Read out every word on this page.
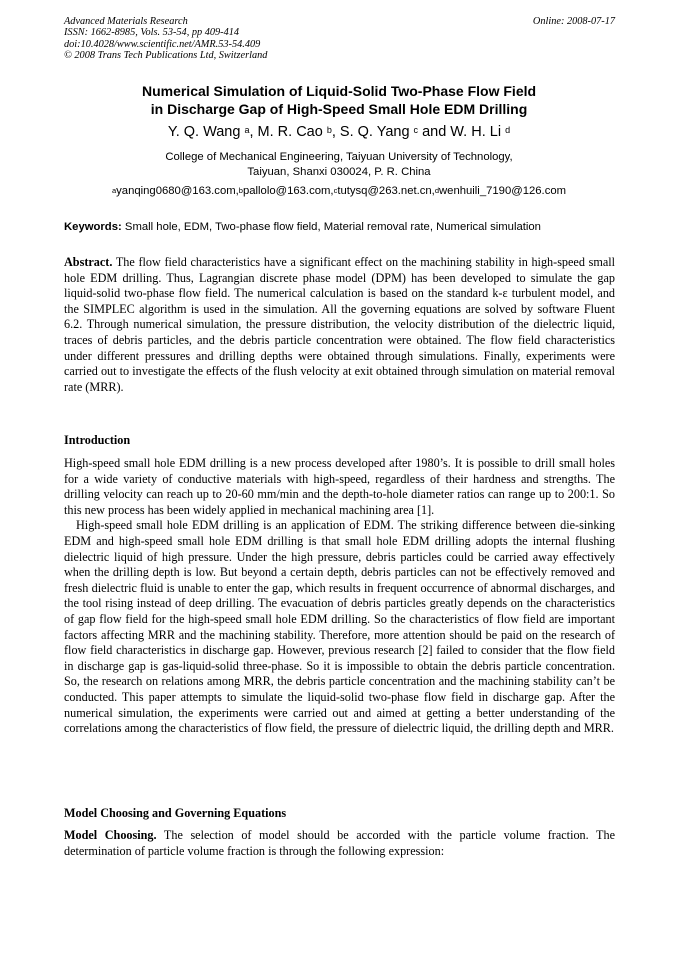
Advanced Materials Research
ISSN: 1662-8985, Vols. 53-54, pp 409-414
doi:10.4028/www.scientific.net/AMR.53-54.409
© 2008 Trans Tech Publications Ltd, Switzerland
Online: 2008-07-17
Numerical Simulation of Liquid-Solid Two-Phase Flow Field
in Discharge Gap of High-Speed Small Hole EDM Drilling
Y. Q. Wang $^a$, M. R. Cao $^b$, S. Q. Yang $^c$ and W. H. Li $^d$
College of Mechanical Engineering, Taiyuan University of Technology,
Taiyuan, Shanxi 030024, P. R. China
$^a$yanqing0680@163.com,$^b$pallolo@163.com,$^c$tutysq@263.net.cn,$^d$wenhuili_7190@126.com
Keywords: Small hole, EDM, Two-phase flow field, Material removal rate, Numerical simulation
Abstract. The flow field characteristics have a significant effect on the machining stability in high-speed small hole EDM drilling. Thus, Lagrangian discrete phase model (DPM) has been developed to simulate the gap liquid-solid two-phase flow field. The numerical calculation is based on the standard k-ε turbulent model, and the SIMPLEC algorithm is used in the simulation. All the governing equations are solved by software Fluent 6.2. Through numerical simulation, the pressure distribution, the velocity distribution of the dielectric liquid, traces of debris particles, and the debris particle concentration were obtained. The flow field characteristics under different pressures and drilling depths were obtained through simulations. Finally, experiments were carried out to investigate the effects of the flush velocity at exit obtained through simulation on material removal rate (MRR).
Introduction

High-speed small hole EDM drilling is a new process developed after 1980’s. It is possible to drill small holes for a wide variety of conductive materials with high-speed, regardless of their hardness and strengths. The drilling velocity can reach up to 20-60 mm/min and the depth-to-hole diameter ratios can range up to 200:1. So this new process has been widely applied in mechanical machining area [1].

High-speed small hole EDM drilling is an application of EDM. The striking difference between die-sinking EDM and high-speed small hole EDM drilling is that small hole EDM drilling adopts the internal flushing dielectric liquid of high pressure. Under the high pressure, debris particles could be carried away effectively when the drilling depth is low. But beyond a certain depth, debris particles can not be effectively removed and fresh dielectric fluid is unable to enter the gap, which results in frequent occurrence of abnormal discharges, and the tool rising instead of deep drilling. The evacuation of debris particles greatly depends on the characteristics of gap flow field for the high-speed small hole EDM drilling. So the characteristics of flow field are important factors affecting MRR and the machining stability. Therefore, more attention should be paid on the research of flow field characteristics in discharge gap. However, previous research [2] failed to consider that the flow field in discharge gap is gas-liquid-solid three-phase. So it is impossible to obtain the debris particle concentration. So, the research on relations among MRR, the debris particle concentration and the machining stability can’t be conducted. This paper attempts to simulate the liquid-solid two-phase flow field in discharge gap. After the numerical simulation, the experiments were carried out and aimed at getting a better understanding of the correlations among the characteristics of flow field, the pressure of dielectric liquid, the drilling depth and MRR.

Model Choosing and Governing Equations
Model Choosing. The selection of model should be accorded with the particle volume fraction. The determination of particle volume fraction is through the following expression:
